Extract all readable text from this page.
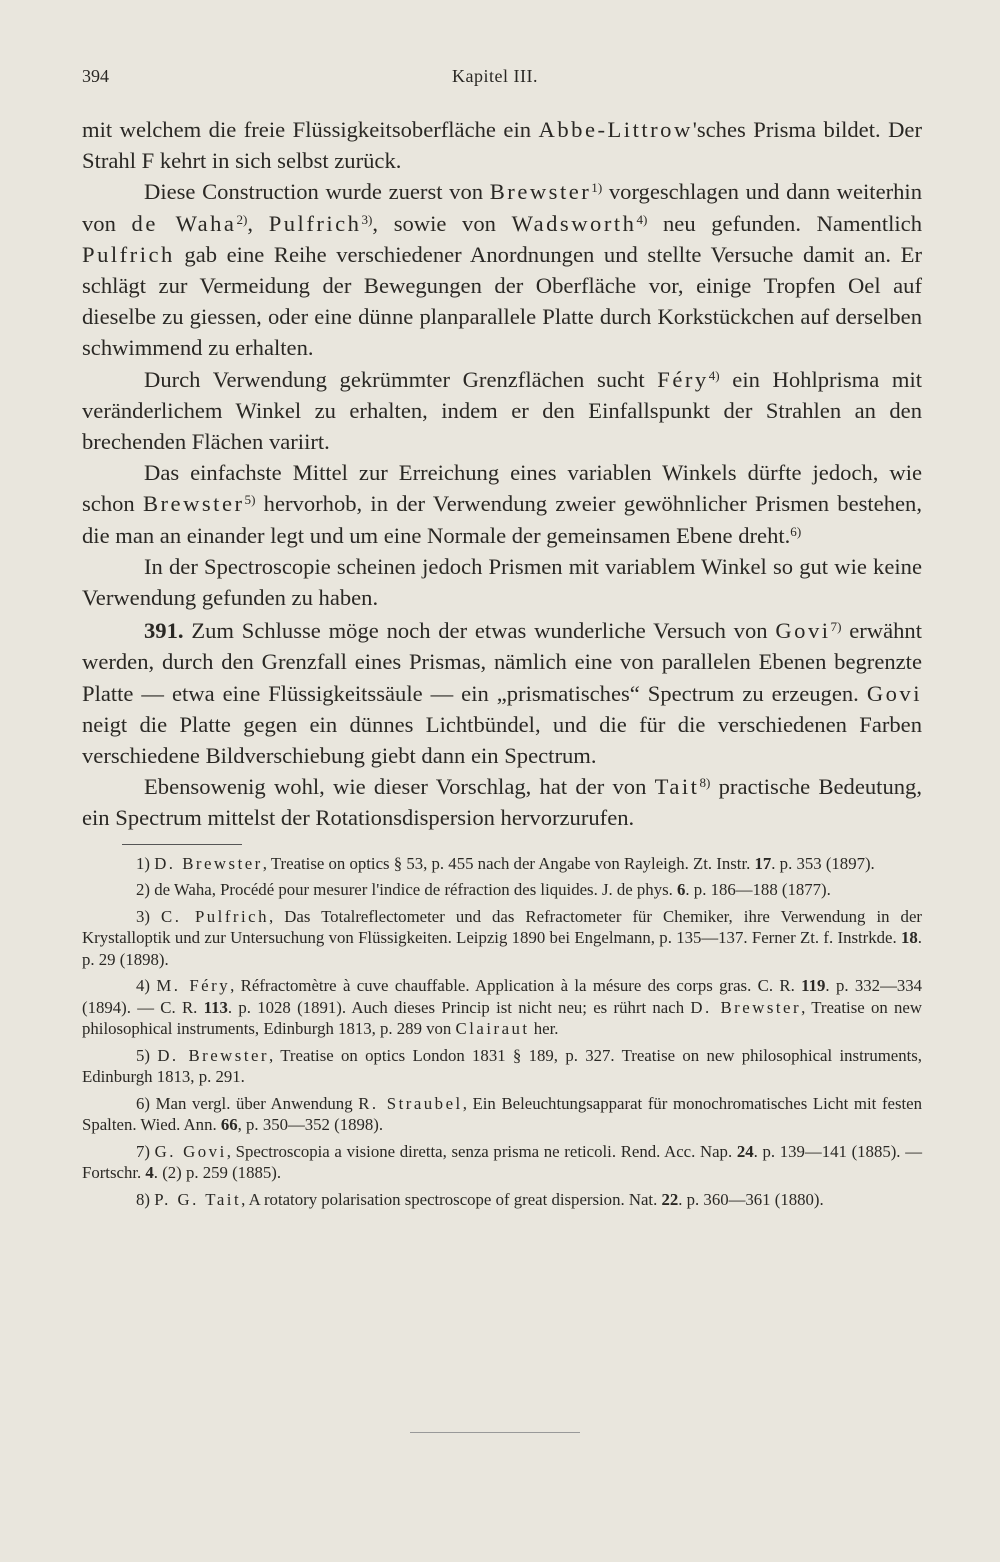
394	Kapitel III.

mit welchem die freie Flüssigkeitsoberfläche ein Abbe-Littrow'sches Prisma bildet. Der Strahl F kehrt in sich selbst zurück.

Diese Construction wurde zuerst von Brewster$^{1)}$ vorgeschlagen und dann weiterhin von de Waha$^{2)}$, Pulfrich$^{3)}$, sowie von Wadsworth$^{4)}$ neu gefunden. Namentlich Pulfrich gab eine Reihe verschiedener Anordnungen und stellte Versuche damit an. Er schlägt zur Vermeidung der Bewegungen der Oberfläche vor, einige Tropfen Oel auf dieselbe zu giessen, oder eine dünne planparallele Platte durch Korkstückchen auf derselben schwimmend zu erhalten.

Durch Verwendung gekrümmter Grenzflächen sucht Féry$^{4)}$ ein Hohlprisma mit veränderlichem Winkel zu erhalten, indem er den Einfallspunkt der Strahlen an den brechenden Flächen variirt.

Das einfachste Mittel zur Erreichung eines variablen Winkels dürfte jedoch, wie schon Brewster$^{5)}$ hervorhob, in der Verwendung zweier gewöhnlicher Prismen bestehen, die man an einander legt und um eine Normale der gemeinsamen Ebene dreht.$^{6)}$

In der Spectroscopie scheinen jedoch Prismen mit variablem Winkel so gut wie keine Verwendung gefunden zu haben.

391. Zum Schlusse möge noch der etwas wunderliche Versuch von Govi$^{7)}$ erwähnt werden, durch den Grenzfall eines Prismas, nämlich eine von parallelen Ebenen begrenzte Platte — etwa eine Flüssigkeitssäule — ein „prismatisches“ Spectrum zu erzeugen. Govi neigt die Platte gegen ein dünnes Lichtbündel, und die für die verschiedenen Farben verschiedene Bildverschiebung giebt dann ein Spectrum.

Ebensowenig wohl, wie dieser Vorschlag, hat der von Tait$^{8)}$ practische Bedeutung, ein Spectrum mittelst der Rotationsdispersion hervorzurufen.

1) D. Brewster, Treatise on optics § 53, p. 455 nach der Angabe von Rayleigh. Zt. Instr. 17. p. 353 (1897).

2) de Waha, Procédé pour mesurer l'indice de réfraction des liquides. J. de phys. 6. p. 186—188 (1877).

3) C. Pulfrich, Das Totalreflectometer und das Refractometer für Chemiker, ihre Verwendung in der Krystalloptik und zur Untersuchung von Flüssigkeiten. Leipzig 1890 bei Engelmann, p. 135—137. Ferner Zt. f. Instrkde. 18. p. 29 (1898).

4) M. Féry, Réfractomètre à cuve chauffable. Application à la mésure des corps gras. C. R. 119. p. 332—334 (1894). — C. R. 113. p. 1028 (1891). Auch dieses Princip ist nicht neu; es rührt nach D. Brewster, Treatise on new philosophical instruments, Edinburgh 1813, p. 289 von Clairaut her.

5) D. Brewster, Treatise on optics London 1831 § 189, p. 327. Treatise on new philosophical instruments, Edinburgh 1813, p. 291.

6) Man vergl. über Anwendung R. Straubel, Ein Beleuchtungsapparat für monochromatisches Licht mit festen Spalten. Wied. Ann. 66, p. 350—352 (1898).

7) G. Govi, Spectroscopia a visione diretta, senza prisma ne reticoli. Rend. Acc. Nap. 24. p. 139—141 (1885). — Fortschr. 4. (2) p. 259 (1885).

8) P. G. Tait, A rotatory polarisation spectroscope of great dispersion. Nat. 22. p. 360—361 (1880).
